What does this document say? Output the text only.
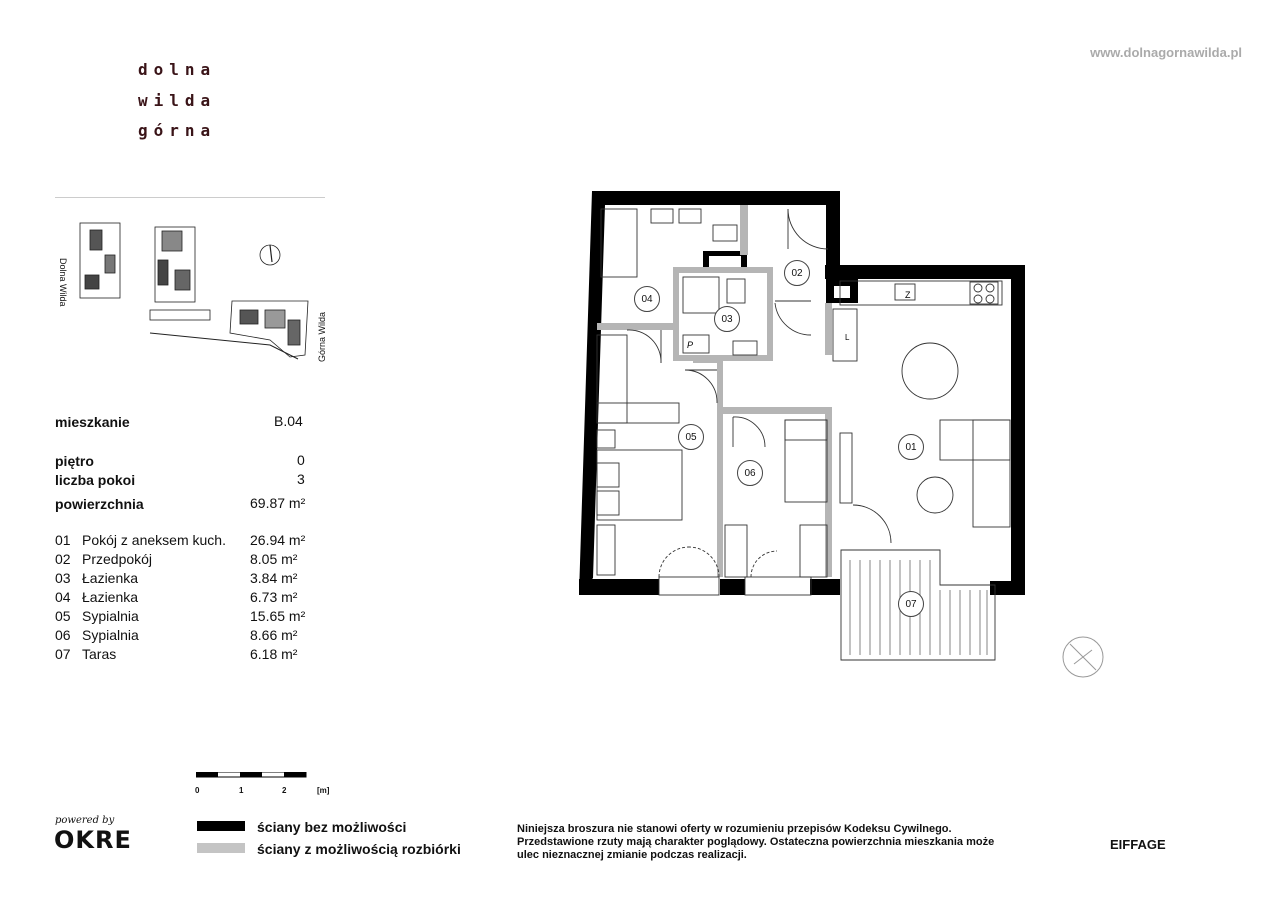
dolna
wilda
górna
www.dolnagornawilda.pl
Dolna Wilda
Górna Wilda
mieszkanie	B.04
piętro	0
liczba pokoi	3
powierzchnia	69.87 m²
01 Pokój z aneksem kuch. 26.94 m²
02 Przedpokój	8.05 m²
03 Łazienka	3.84 m²
04 Łazienka	6.73 m²
05 Sypialnia	15.65 m²
06 Sypialnia	8.66 m²
07 Taras	6.18 m²
Z
L
P
01
02
03
04
05
06
07
0	1	2	[m]
ściany bez możliwości
ściany z możliwością rozbiórki
powered by
OKRE	Niniejsza broszura nie stanowi oferty w rozumieniu przepisów Kodeksu Cywilnego.
Przedstawione rzuty mają charakter poglądowy. Ostateczna powierzchnia mieszkania może
ulec nieznacznej zmianie podczas realizacji.
EIFFAGE
